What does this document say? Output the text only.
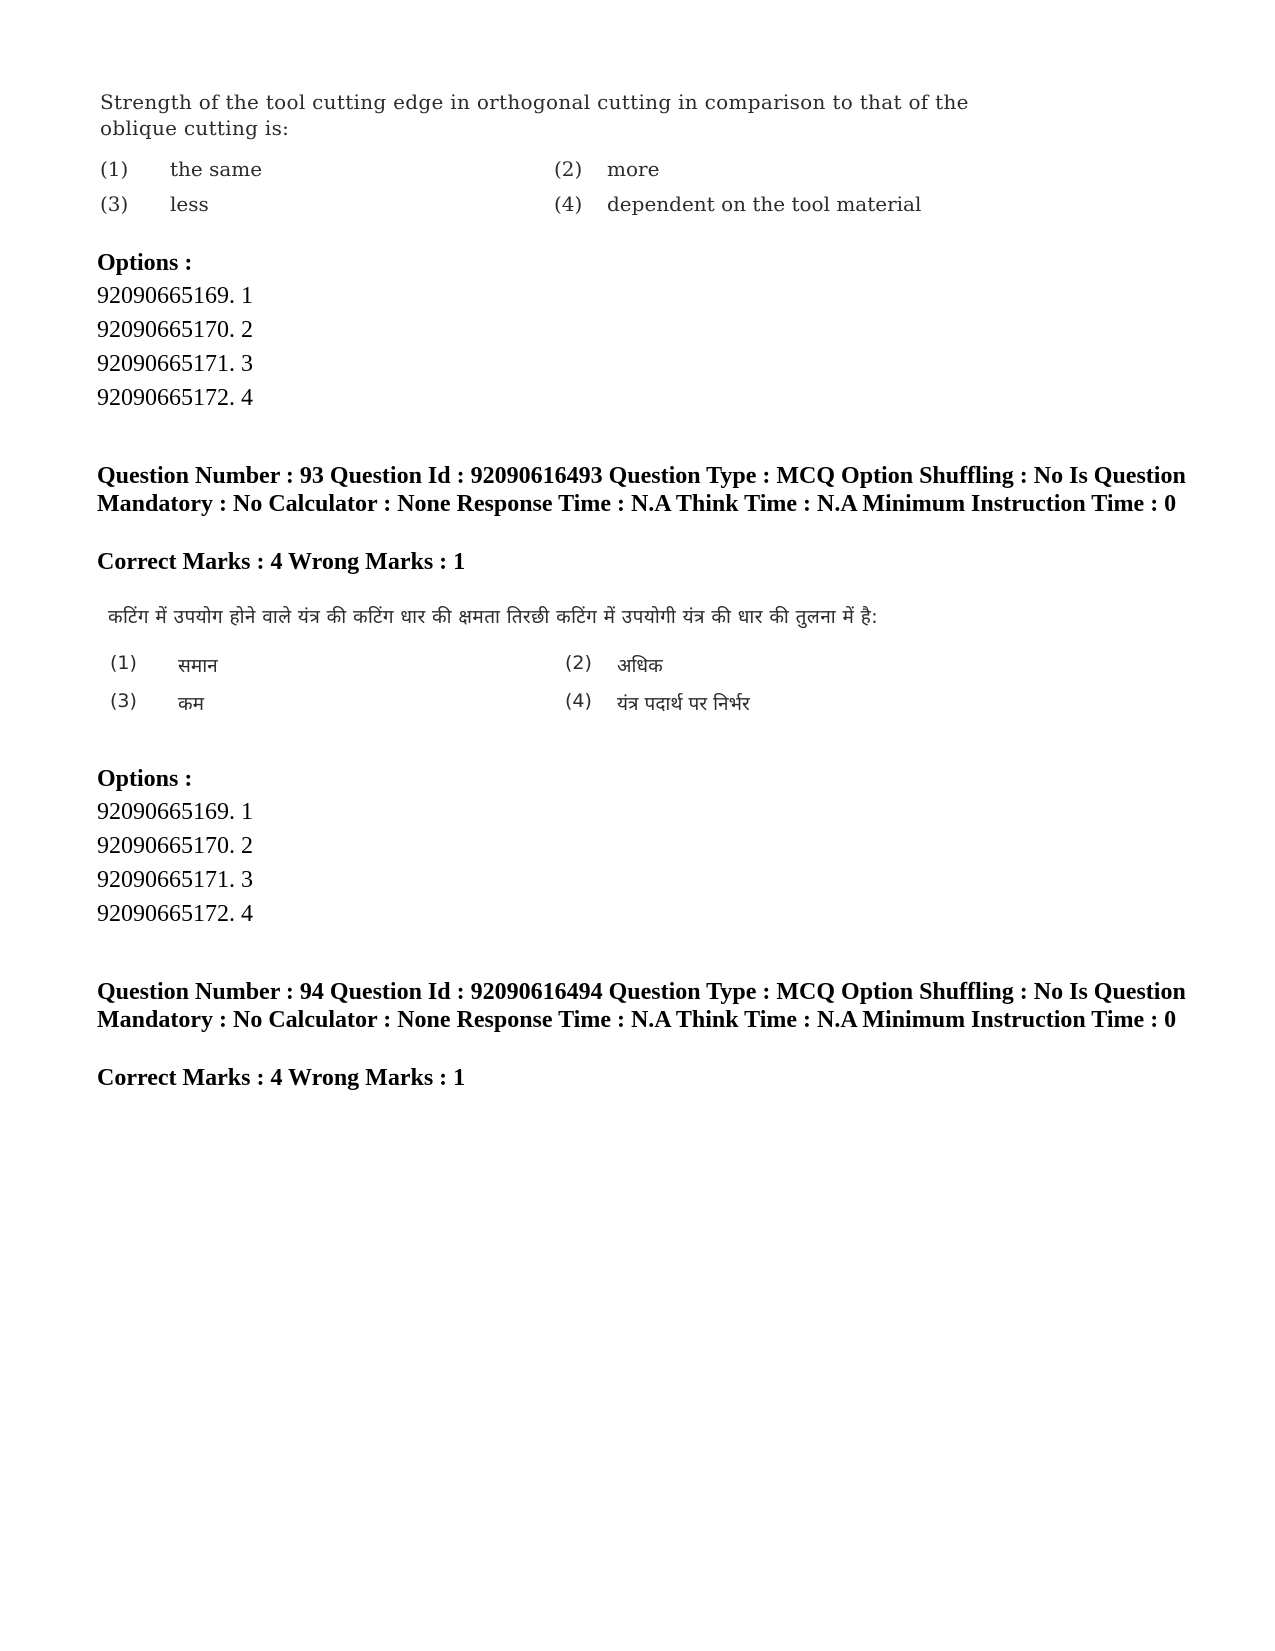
Strength of the tool cutting edge in orthogonal cutting in comparison to that of the oblique cutting is:
(1) the same	(2) more
(3) less	(4) dependent on the tool material
Options :
92090665169. 1
92090665170. 2
92090665171. 3
92090665172. 4
Question Number : 93 Question Id : 92090616493 Question Type : MCQ Option Shuffling : No Is Question Mandatory : No Calculator : None Response Time : N.A Think Time : N.A Minimum Instruction Time : 0
Correct Marks : 4 Wrong Marks : 1
कटिंग में उपयोग होने वाले यंत्र की कटिंग धार की क्षमता तिरछी कटिंग में उपयोगी यंत्र की धार की तुलना में है:
(1) समान	(2) अधिक
(3) कम	(4) यंत्र पदार्थ पर निर्भर
Options :
92090665169. 1
92090665170. 2
92090665171. 3
92090665172. 4
Question Number : 94 Question Id : 92090616494 Question Type : MCQ Option Shuffling : No Is Question Mandatory : No Calculator : None Response Time : N.A Think Time : N.A Minimum Instruction Time : 0
Correct Marks : 4 Wrong Marks : 1
